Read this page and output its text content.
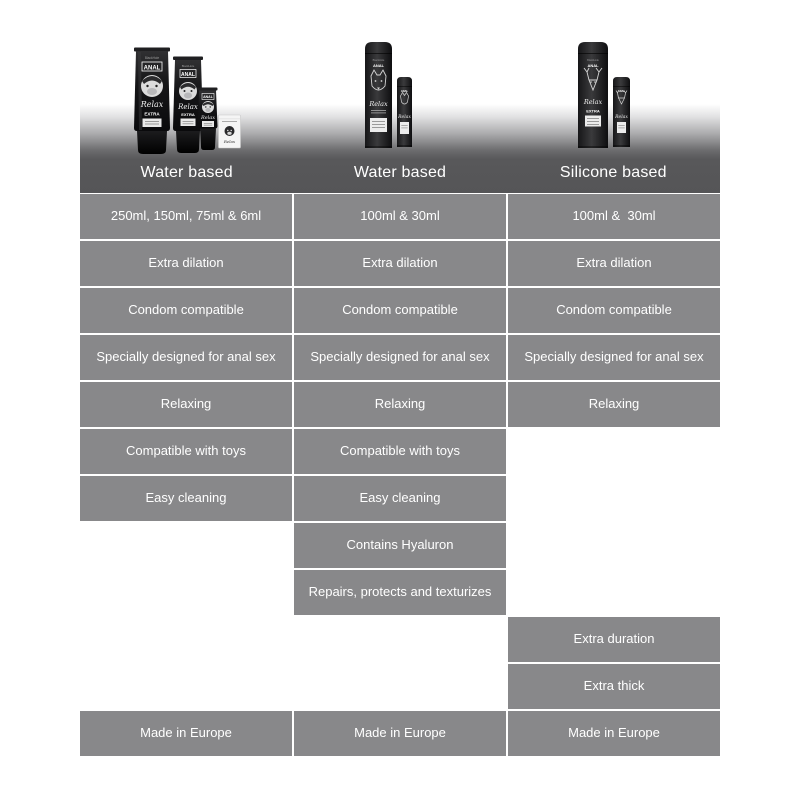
BlackHole
ANAL
Relax
EXTRA
BlackHole
ANAL
Relax
EXTRA
ANAL
Relax
Relax
BlackHole
ANAL
Relax
ANAL
Relax
BlackHole
ANAL
Relax
EXTRA
ANAL
Relax
Water based	Water based	Silicone based
250ml, 150ml, 75ml & 6ml
Extra dilation
Condom compatible
Specially designed for anal sex
Relaxing
Compatible with toys
Easy cleaning
Made in Europe
100ml & 30ml
Extra dilation
Condom compatible
Specially designed for anal sex
Relaxing
Compatible with toys
Easy cleaning
Contains Hyaluron
Repairs, protects and texturizes
Made in Europe
100ml &  30ml
Extra dilation
Condom compatible
Specially designed for anal sex
Relaxing
Extra duration
Extra thick
Made in Europe
